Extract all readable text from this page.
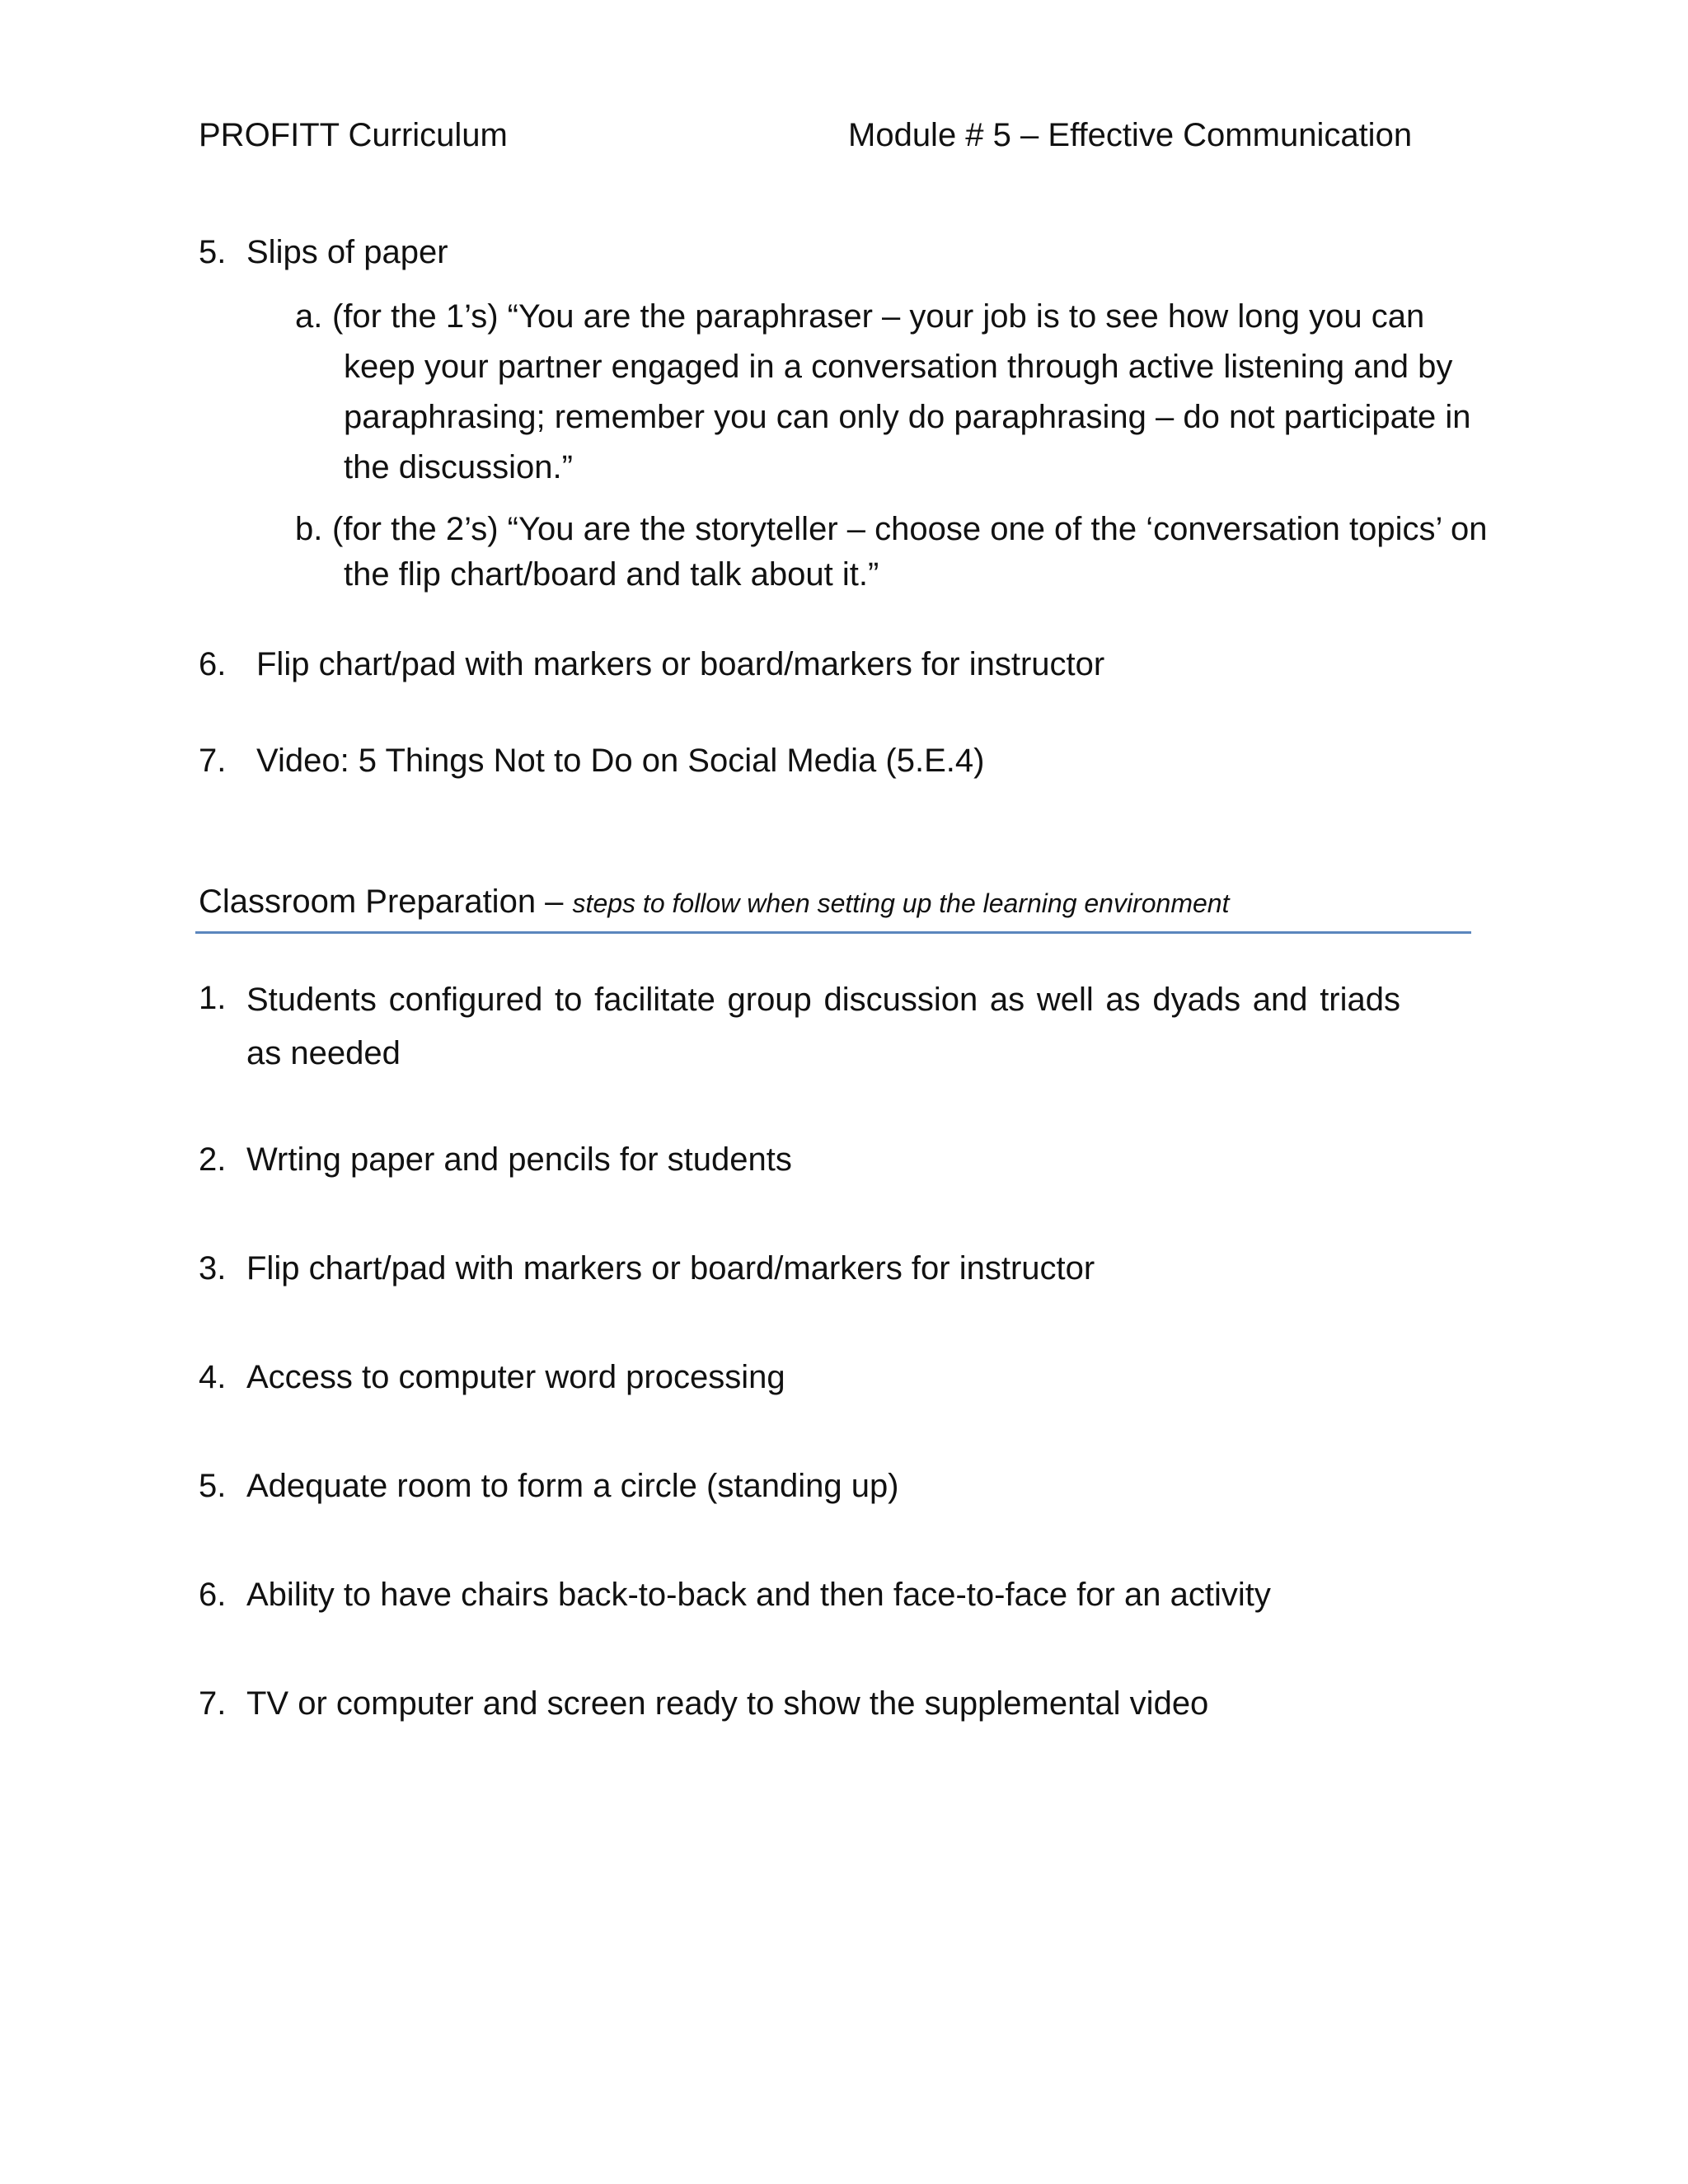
PROFITT Curriculum	Module # 5 – Effective Communication
5. Slips of paper
a.
b.
6. Flip chart/pad with markers or board/markers for instructor
7. Video: 5 Things Not to Do on Social Media (5.E.4)
Classroom Preparation – steps to follow when setting up the learning environment
1. Students configured to facilitate group discussion as well as dyads and triads as needed
2. Wrting paper and pencils for students
3. Flip chart/pad with markers or board/markers for instructor
4. Access to computer word processing
5. Adequate room to form a circle (standing up)
6. Ability to have chairs back-to-back and then face-to-face for an activity
7. TV or computer and screen ready to show the supplemental video
(for the 1’s) “You are the paraphraser – your job is to see how long you can
keep your partner engaged in a conversation through active listening and by
paraphrasing; remember you can only do paraphrasing – do not participate in
the discussion.”
(for the 2’s) “You are the storyteller – choose one of the ‘conversation topics’ on
the flip chart/board and talk about it.”
